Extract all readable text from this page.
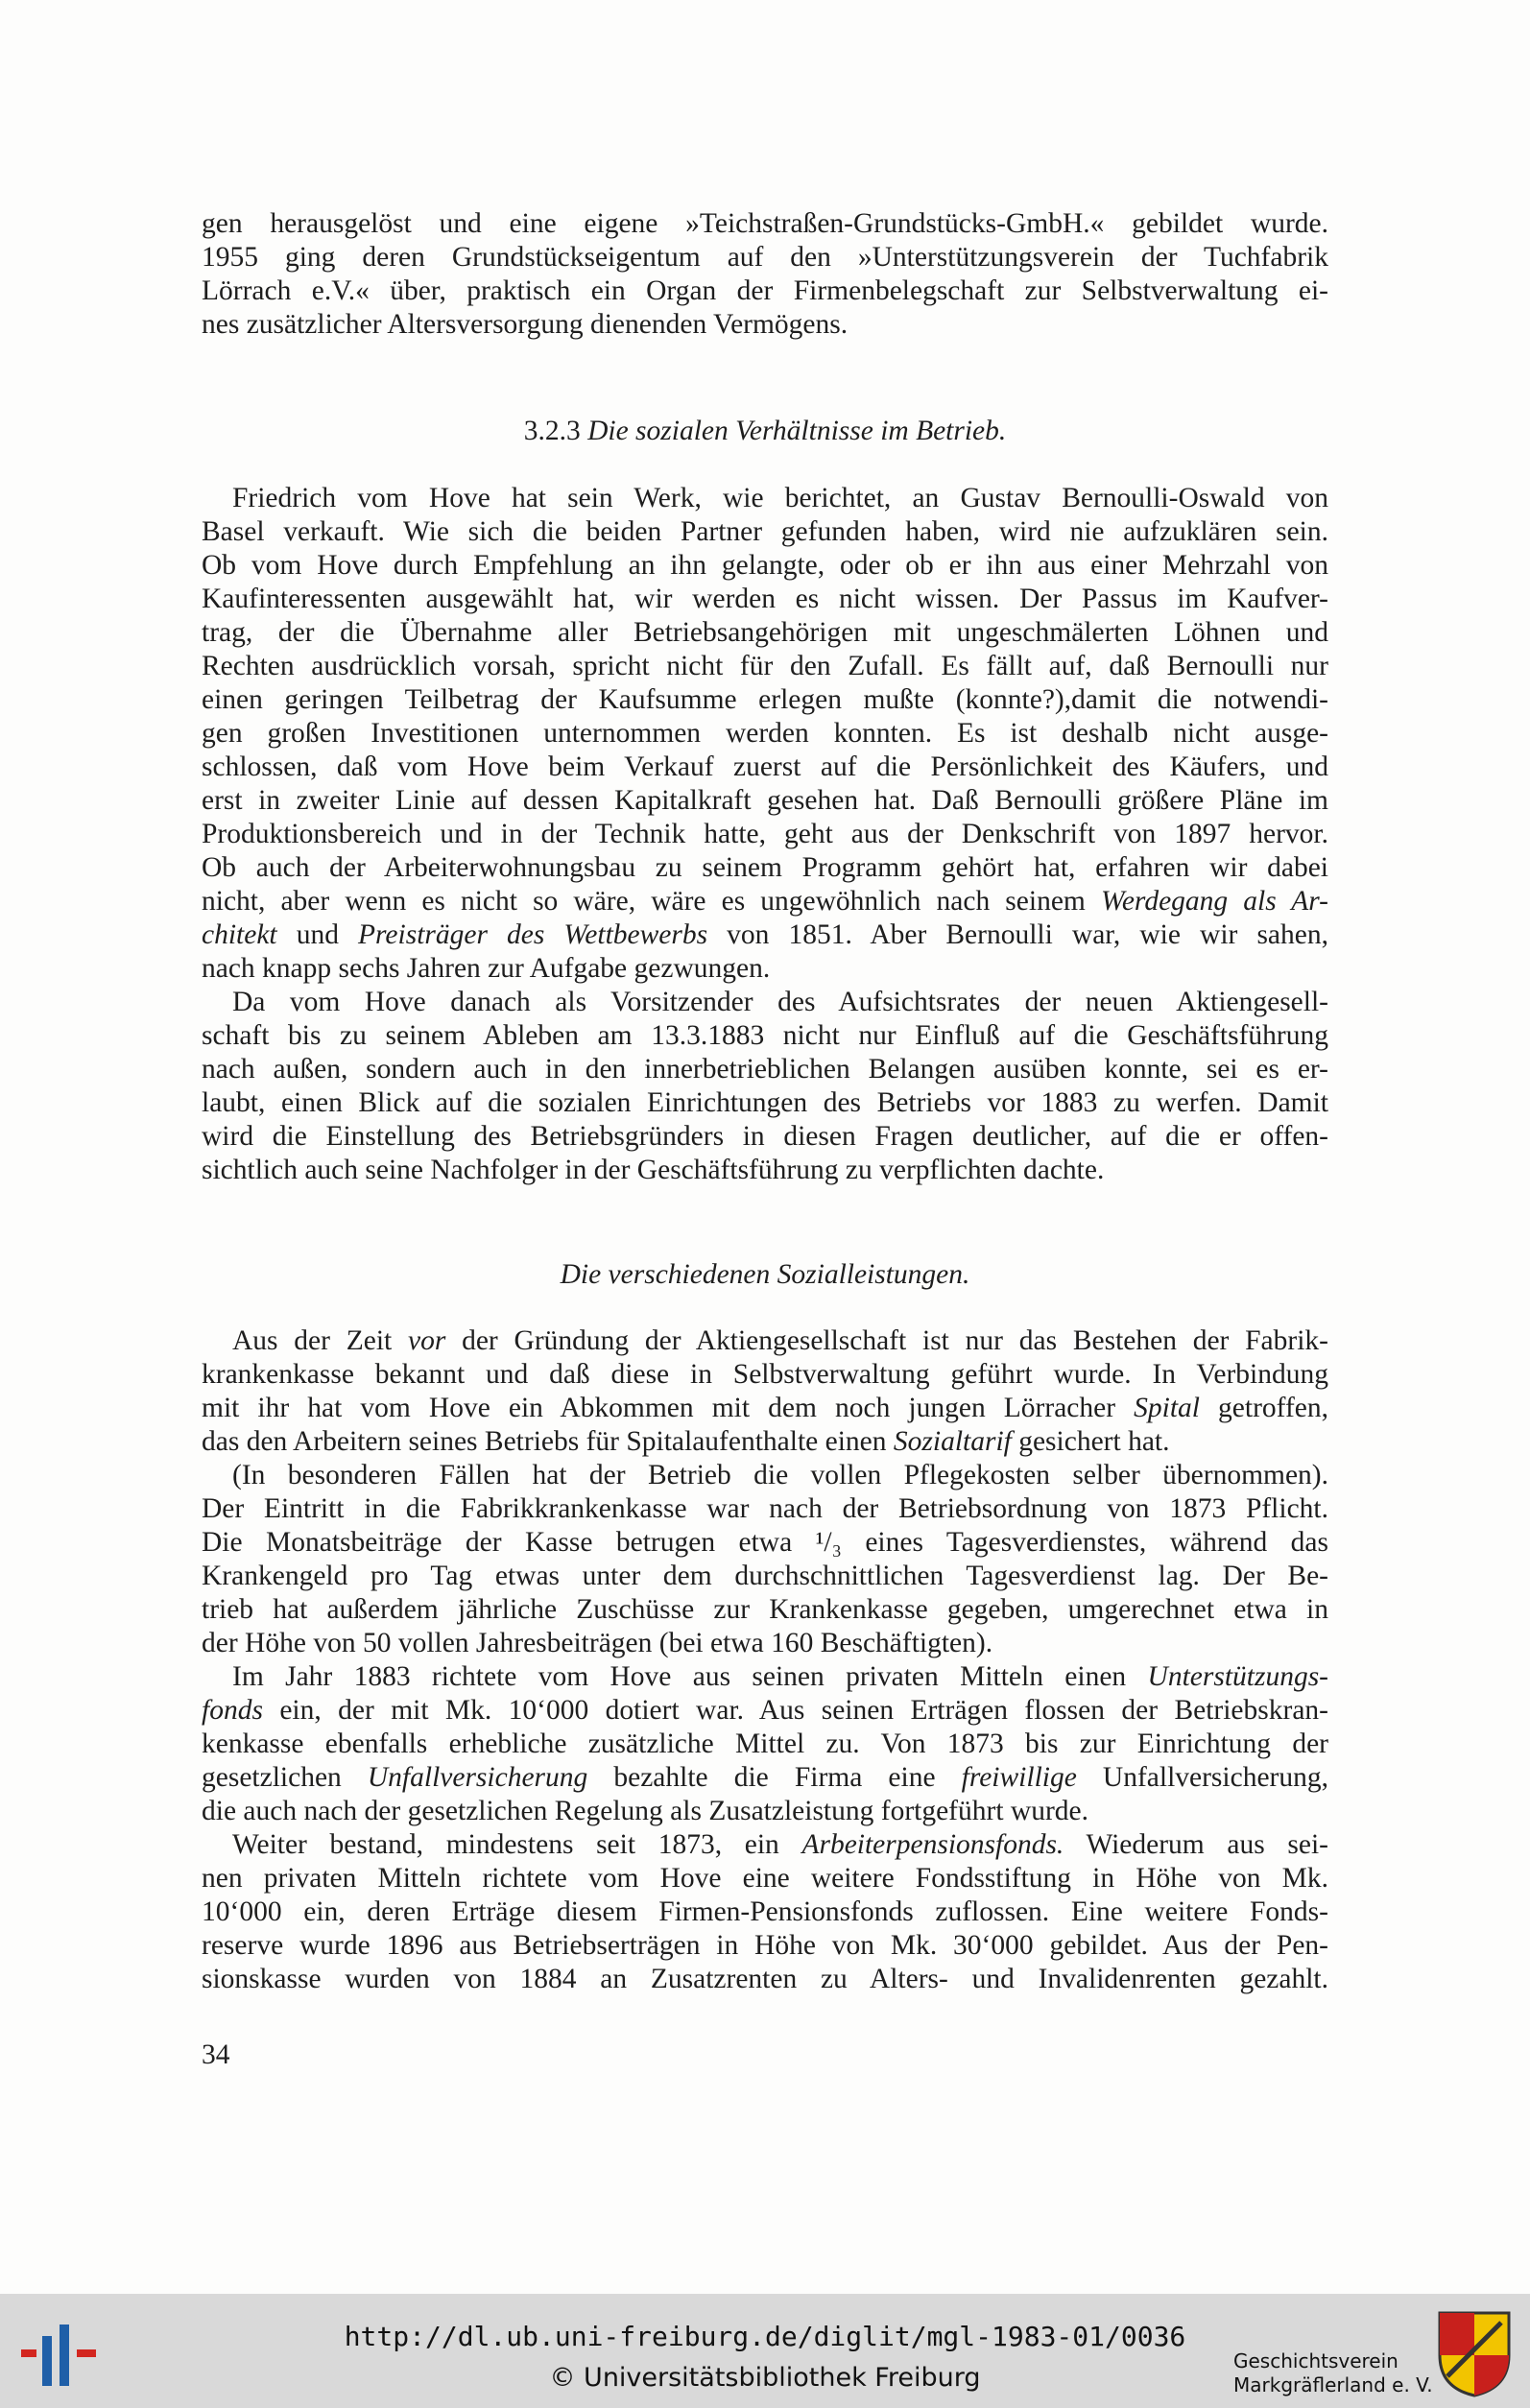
gen herausgelöst und eine eigene »Teichstraßen-Grundstücks-GmbH.« gebildet wurde.
1955 ging deren Grundstückseigentum auf den »Unterstützungsverein der Tuchfabrik
Lörrach e.V.« über, praktisch ein Organ der Firmenbelegschaft zur Selbstverwaltung ei-
nes zusätzlicher Altersversorgung dienenden Vermögens.
3.2.3 Die sozialen Verhältnisse im Betrieb.
Friedrich vom Hove hat sein Werk, wie berichtet, an Gustav Bernoulli-Oswald von
Basel verkauft. Wie sich die beiden Partner gefunden haben, wird nie aufzuklären sein.
Ob vom Hove durch Empfehlung an ihn gelangte, oder ob er ihn aus einer Mehrzahl von
Kaufinteressenten ausgewählt hat, wir werden es nicht wissen. Der Passus im Kaufver-
trag, der die Übernahme aller Betriebsangehörigen mit ungeschmälerten Löhnen und
Rechten ausdrücklich vorsah, spricht nicht für den Zufall. Es fällt auf, daß Bernoulli nur
einen geringen Teilbetrag der Kaufsumme erlegen mußte (konnte?),damit die notwendi-
gen großen Investitionen unternommen werden konnten. Es ist deshalb nicht ausge-
schlossen, daß vom Hove beim Verkauf zuerst auf die Persönlichkeit des Käufers, und
erst in zweiter Linie auf dessen Kapitalkraft gesehen hat. Daß Bernoulli größere Pläne im
Produktionsbereich und in der Technik hatte, geht aus der Denkschrift von 1897 hervor.
Ob auch der Arbeiterwohnungsbau zu seinem Programm gehört hat, erfahren wir dabei
nicht, aber wenn es nicht so wäre, wäre es ungewöhnlich nach seinem Werdegang als Ar-
chitekt und Preisträger des Wettbewerbs von 1851. Aber Bernoulli war, wie wir sahen,
nach knapp sechs Jahren zur Aufgabe gezwungen.
Da vom Hove danach als Vorsitzender des Aufsichtsrates der neuen Aktiengesell-
schaft bis zu seinem Ableben am 13.3.1883 nicht nur Einfluß auf die Geschäftsführung
nach außen, sondern auch in den innerbetrieblichen Belangen ausüben konnte, sei es er-
laubt, einen Blick auf die sozialen Einrichtungen des Betriebs vor 1883 zu werfen. Damit
wird die Einstellung des Betriebsgründers in diesen Fragen deutlicher, auf die er offen-
sichtlich auch seine Nachfolger in der Geschäftsführung zu verpflichten dachte.
Die verschiedenen Sozialleistungen.
Aus der Zeit vor der Gründung der Aktiengesellschaft ist nur das Bestehen der Fabrik-
krankenkasse bekannt und daß diese in Selbstverwaltung geführt wurde. In Verbindung
mit ihr hat vom Hove ein Abkommen mit dem noch jungen Lörracher Spital getroffen,
das den Arbeitern seines Betriebs für Spitalaufenthalte einen Sozialtarif gesichert hat.
(In besonderen Fällen hat der Betrieb die vollen Pflegekosten selber übernommen).
Der Eintritt in die Fabrikkrankenkasse war nach der Betriebsordnung von 1873 Pflicht.
Die Monatsbeiträge der Kasse betrugen etwa ¹/₃ eines Tagesverdienstes, während das
Krankengeld pro Tag etwas unter dem durchschnittlichen Tagesverdienst lag. Der Be-
trieb hat außerdem jährliche Zuschüsse zur Krankenkasse gegeben, umgerechnet etwa in
der Höhe von 50 vollen Jahresbeiträgen (bei etwa 160 Beschäftigten).
Im Jahr 1883 richtete vom Hove aus seinen privaten Mitteln einen Unterstützungs-
fonds ein, der mit Mk. 10‘000 dotiert war. Aus seinen Erträgen flossen der Betriebskran-
kenkasse ebenfalls erhebliche zusätzliche Mittel zu. Von 1873 bis zur Einrichtung der
gesetzlichen Unfallversicherung bezahlte die Firma eine freiwillige Unfallversicherung,
die auch nach der gesetzlichen Regelung als Zusatzleistung fortgeführt wurde.
Weiter bestand, mindestens seit 1873, ein Arbeiterpensionsfonds. Wiederum aus sei-
nen privaten Mitteln richtete vom Hove eine weitere Fondsstiftung in Höhe von Mk.
10‘000 ein, deren Erträge diesem Firmen-Pensionsfonds zuflossen. Eine weitere Fonds-
reserve wurde 1896 aus Betriebserträgen in Höhe von Mk. 30‘000 gebildet. Aus der Pen-
sionskasse wurden von 1884 an Zusatzrenten zu Alters- und Invalidenrenten gezahlt.
34
http://dl.ub.uni-freiburg.de/diglit/mgl-1983-01/0036
© Universitätsbibliothek Freiburg
Geschichtsverein
Markgräflerland e. V.
